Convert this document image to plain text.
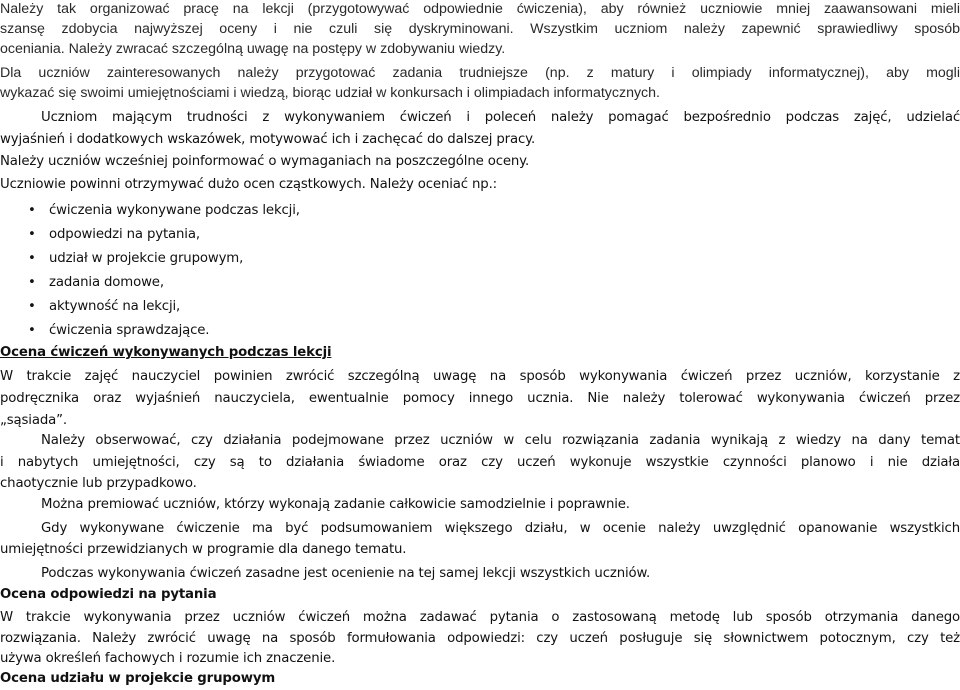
Należy tak organizować pracę na lekcji (przygotowywać odpowiednie ćwiczenia), aby również uczniowie mniej zaawansowani mieli
szansę zdobycia najwyższej oceny i nie czuli się dyskryminowani. Wszystkim uczniom należy zapewnić sprawiedliwy sposób
oceniania. Należy zwracać szczególną uwagę na postępy w zdobywaniu wiedzy.
Dla uczniów zainteresowanych należy przygotować zadania trudniejsze (np. z matury i olimpiady informatycznej), aby mogli
wykazać się swoimi umiejętnościami i wiedzą, biorąc udział w konkursach i olimpiadach informatycznych.
Uczniom mającym trudności z wykonywaniem ćwiczeń i poleceń należy pomagać bezpośrednio podczas zajęć, udzielać
wyjaśnień i dodatkowych wskazówek, motywować ich i zachęcać do dalszej pracy.
Należy uczniów wcześniej poinformować o wymaganiach na poszczególne oceny.
Uczniowie powinni otrzymywać dużo ocen cząstkowych. Należy oceniać np.:
• ćwiczenia wykonywane podczas lekcji,
• odpowiedzi na pytania,
• udział w projekcie grupowym,
• zadania domowe,
• aktywność na lekcji,
• ćwiczenia sprawdzające.
Ocena ćwiczeń wykonywanych podczas lekcji
W trakcie zajęć nauczyciel powinien zwrócić szczególną uwagę na sposób wykonywania ćwiczeń przez uczniów, korzystanie z
podręcznika oraz wyjaśnień nauczyciela, ewentualnie pomocy innego ucznia. Nie należy tolerować wykonywania ćwiczeń przez
„sąsiada”.
Należy obserwować, czy działania podejmowane przez uczniów w celu rozwiązania zadania wynikają z wiedzy na dany temat
i nabytych umiejętności, czy są to działania świadome oraz czy uczeń wykonuje wszystkie czynności planowo i nie działa
chaotycznie lub przypadkowo.
Można premiować uczniów, którzy wykonają zadanie całkowicie samodzielnie i poprawnie.
Gdy wykonywane ćwiczenie ma być podsumowaniem większego działu, w ocenie należy uwzględnić opanowanie wszystkich
umiejętności przewidzianych w programie dla danego tematu.
Podczas wykonywania ćwiczeń zasadne jest ocenienie na tej samej lekcji wszystkich uczniów.
Ocena odpowiedzi na pytania
W trakcie wykonywania przez uczniów ćwiczeń można zadawać pytania o zastosowaną metodę lub sposób otrzymania danego
rozwiązania. Należy zwrócić uwagę na sposób formułowania odpowiedzi: czy uczeń posługuje się słownictwem potocznym, czy też
używa określeń fachowych i rozumie ich znaczenie.
Ocena udziału w projekcie grupowym
